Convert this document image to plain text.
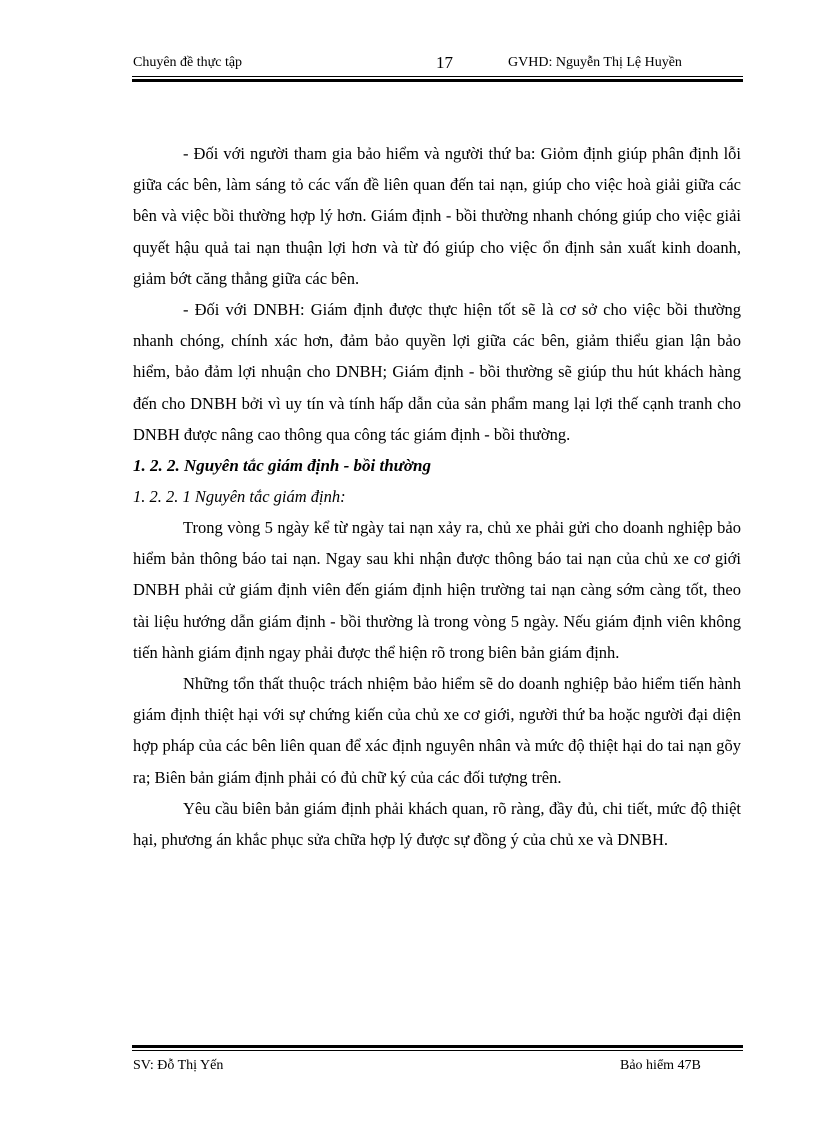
Chuyên đề thực tập	17	GVHD: Nguyễn Thị Lệ Huyền

- Đối với người tham gia bảo hiểm và người thứ ba: Giỏm định giúp phân định lỗi giữa các bên, làm sáng tỏ các vấn đề liên quan đến tai nạn, giúp cho việc hoà giải giữa các bên và việc bồi thường hợp lý hơn. Giám định - bồi thường nhanh chóng giúp cho việc giải quyết hậu quả tai nạn thuận lợi hơn và từ đó giúp cho việc ổn định sản xuất kinh doanh, giảm bớt căng thẳng giữa các bên.

- Đối với DNBH: Giám định được thực hiện tốt sẽ là cơ sở cho việc bồi thường nhanh chóng, chính xác hơn, đảm bảo quyền lợi giữa các bên, giảm thiểu gian lận bảo hiểm, bảo đảm lợi nhuận cho DNBH; Giám định - bồi thường sẽ giúp thu hút khách hàng đến cho DNBH bởi vì uy tín và tính hấp dẫn của sản phẩm mang lại lợi thế cạnh tranh cho DNBH được nâng cao thông qua công tác giám định - bồi thường.

1. 2. 2. Nguyên tắc giám định - bồi thường

1. 2. 2. 1 Nguyên tắc giám định:

Trong vòng 5 ngày kể từ ngày tai nạn xảy ra, chủ xe phải gửi cho doanh nghiệp bảo hiểm bản thông báo tai nạn. Ngay sau khi nhận được thông báo tai nạn của chủ xe cơ giới DNBH phải cử giám định viên đến giám định hiện trường tai nạn càng sớm càng tốt, theo tài liệu hướng dẫn giám định - bồi thường là trong vòng 5 ngày. Nếu giám định viên không tiến hành giám định ngay phải được thể hiện rõ trong biên bản giám định.

Những tổn thất thuộc trách nhiệm bảo hiểm sẽ do doanh nghiệp bảo hiểm tiến hành giám định thiệt hại với sự chứng kiến của chủ xe cơ giới, người thứ ba hoặc người đại diện hợp pháp của các bên liên quan để xác định nguyên nhân và mức độ thiệt hại do tai nạn gõy ra; Biên bản giám định phải có đủ chữ ký của các đối tượng trên.

Yêu cầu biên bản giám định phải khách quan, rõ ràng, đầy đủ, chi tiết, mức độ thiệt hại, phương án khắc phục sửa chữa hợp lý được sự đồng ý của chủ xe và DNBH.

SV: Đỗ Thị Yến	Bảo hiểm 47B
